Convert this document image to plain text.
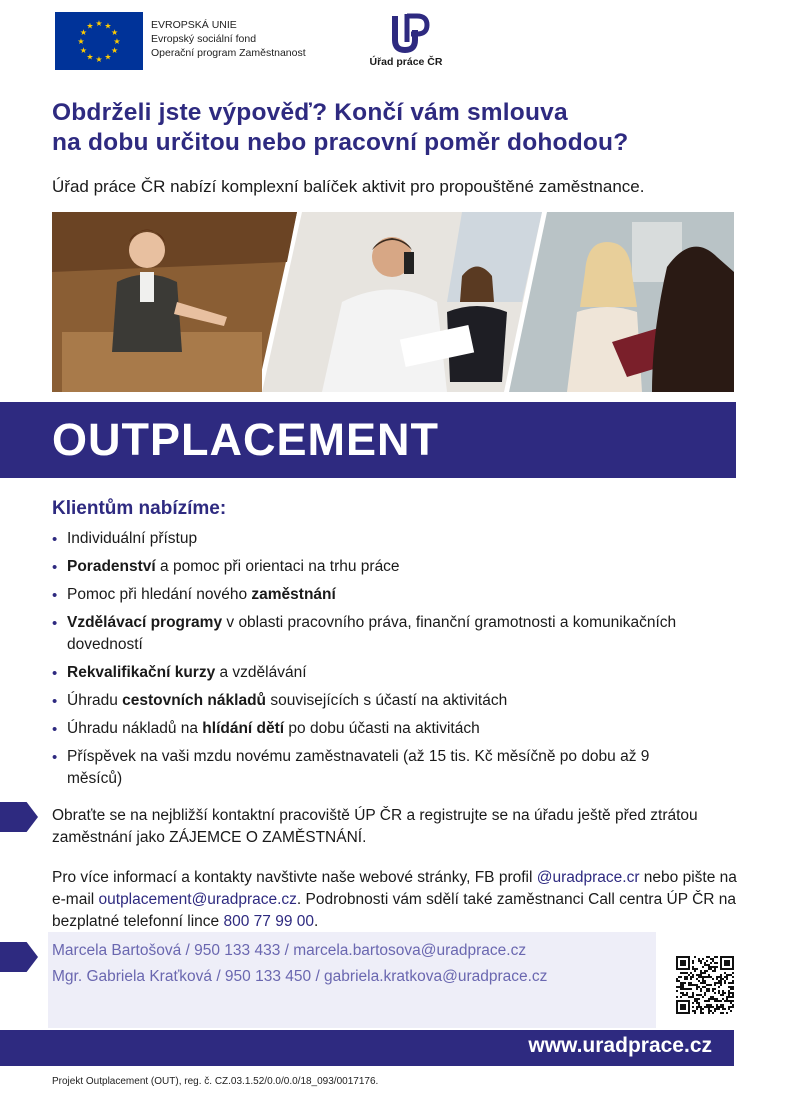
★
★
★
★
★
★
★
★
★ ★ ★
★
EVROPSKÁ UNIE
Evropský sociální fond
Operační program Zaměstnanost
Úřad práce ČR
Obdrželi jste výpověď? Končí vám smlouva
na dobu určitou nebo pracovní poměr dohodou?
Úřad práce ČR nabízí komplexní balíček aktivit pro propouštěné zaměstnance.
OUTPLACEMENT
Klientům nabízíme:
• Individuální přístup
• Poradenství a pomoc při orientaci na trhu práce
• Pomoc při hledání nového zaměstnání
• Vzdělávací programy v oblasti pracovního práva, finanční gramotnosti a komunikačních dovedností
• Rekvalifikační kurzy a vzdělávání
• Úhradu cestovních nákladů souvisejících s účastí na aktivitách
• Úhradu nákladů na hlídání dětí po dobu účasti na aktivitách
• Příspěvek na vaši mzdu novému zaměstnavateli (až 15 tis. Kč měsíčně po dobu až 9 měsíců)
Obraťte se na nejbližší kontaktní pracoviště ÚP ČR a registrujte se na úřadu ještě před ztrátou zaměstnání jako ZÁJEMCE O ZAMĚSTNÁNÍ.
Pro více informací a kontakty navštivte naše webové stránky, FB profil @uradprace.cr nebo pište na e-mail outplacement@uradprace.cz. Podrobnosti vám sdělí také zaměstnanci Call centra ÚP ČR na bezplatné telefonní lince 800 77 99 00.
Marcela Bartošová / 950 133 433 / marcela.bartosova@uradprace.cz
Mgr. Gabriela Kraťková / 950 133 450 / gabriela.kratkova@uradprace.cz
www.uradprace.cz
Projekt Outplacement (OUT), reg. č. CZ.03.1.52/0.0/0.0/18_093/0017176.
